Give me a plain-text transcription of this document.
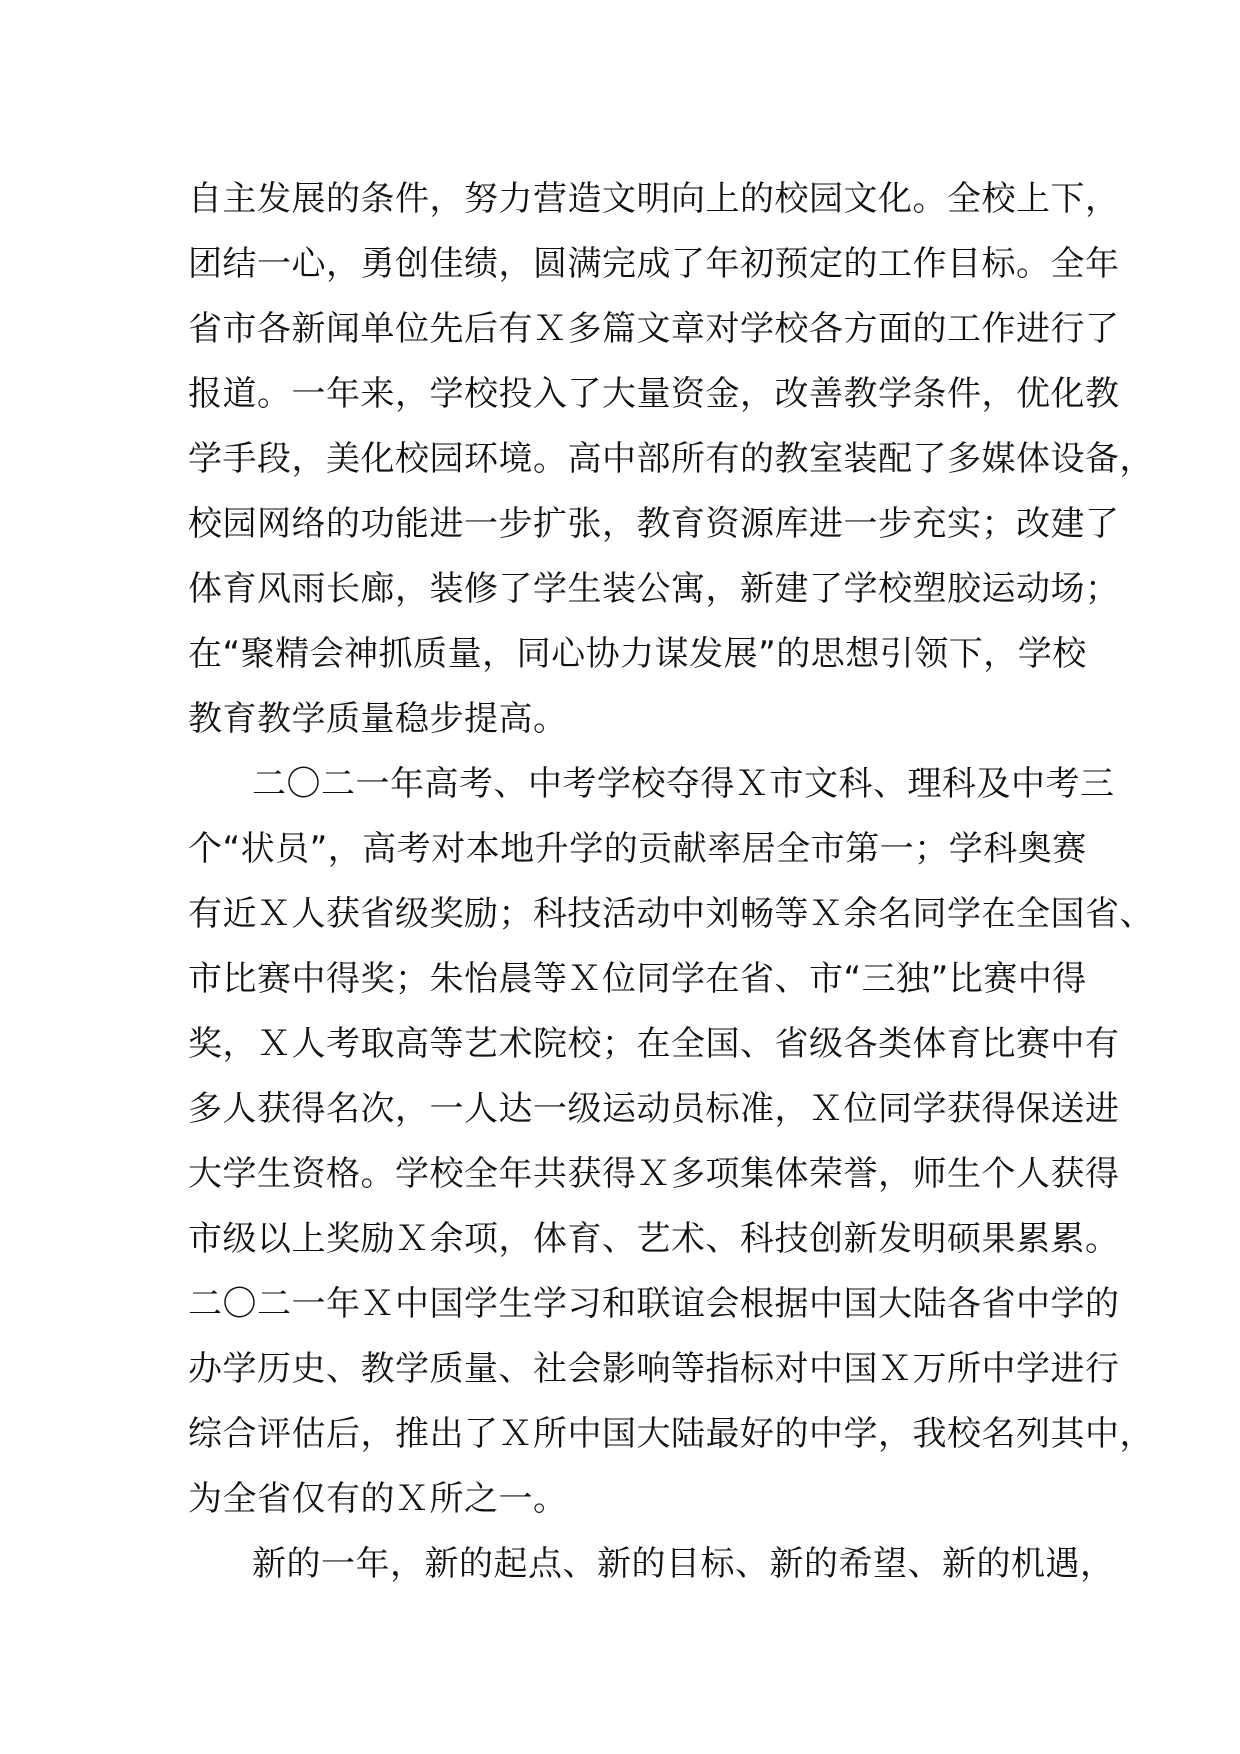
自主发展的条件，努力营造文明向上的校园文化。全校上下，
团结一心，勇创佳绩，圆满完成了年初预定的工作目标。全年
省市各新闻单位先后有Ｘ多篇文章对学校各方面的工作进行了
报道。一年来，学校投入了大量资金，改善教学条件，优化教
学手段，美化校园环境。高中部所有的教室装配了多媒体设备，
校园网络的功能进一步扩张，教育资源库进一步充实；改建了
体育风雨长廊，装修了学生装公寓，新建了学校塑胶运动场；
在“聚精会神抓质量，同心协力谋发展”的思想引领下，学校
教育教学质量稳步提高。
二〇二一年高考、中考学校夺得Ｘ市文科、理科及中考三
个“状员”，高考对本地升学的贡献率居全市第一；学科奥赛
有近Ｘ人获省级奖励；科技活动中刘畅等Ｘ余名同学在全国省、
市比赛中得奖；朱怡晨等Ｘ位同学在省、市“三独”比赛中得
奖，Ｘ人考取高等艺术院校；在全国、省级各类体育比赛中有
多人获得名次，一人达一级运动员标准，Ｘ位同学获得保送进
大学生资格。学校全年共获得Ｘ多项集体荣誉，师生个人获得
市级以上奖励Ｘ余项，体育、艺术、科技创新发明硕果累累。
二〇二一年Ｘ中国学生学习和联谊会根据中国大陆各省中学的
办学历史、教学质量、社会影响等指标对中国Ｘ万所中学进行
综合评估后，推出了Ｘ所中国大陆最好的中学，我校名列其中，
为全省仅有的Ｘ所之一。
新的一年，新的起点、新的目标、新的希望、新的机遇，
